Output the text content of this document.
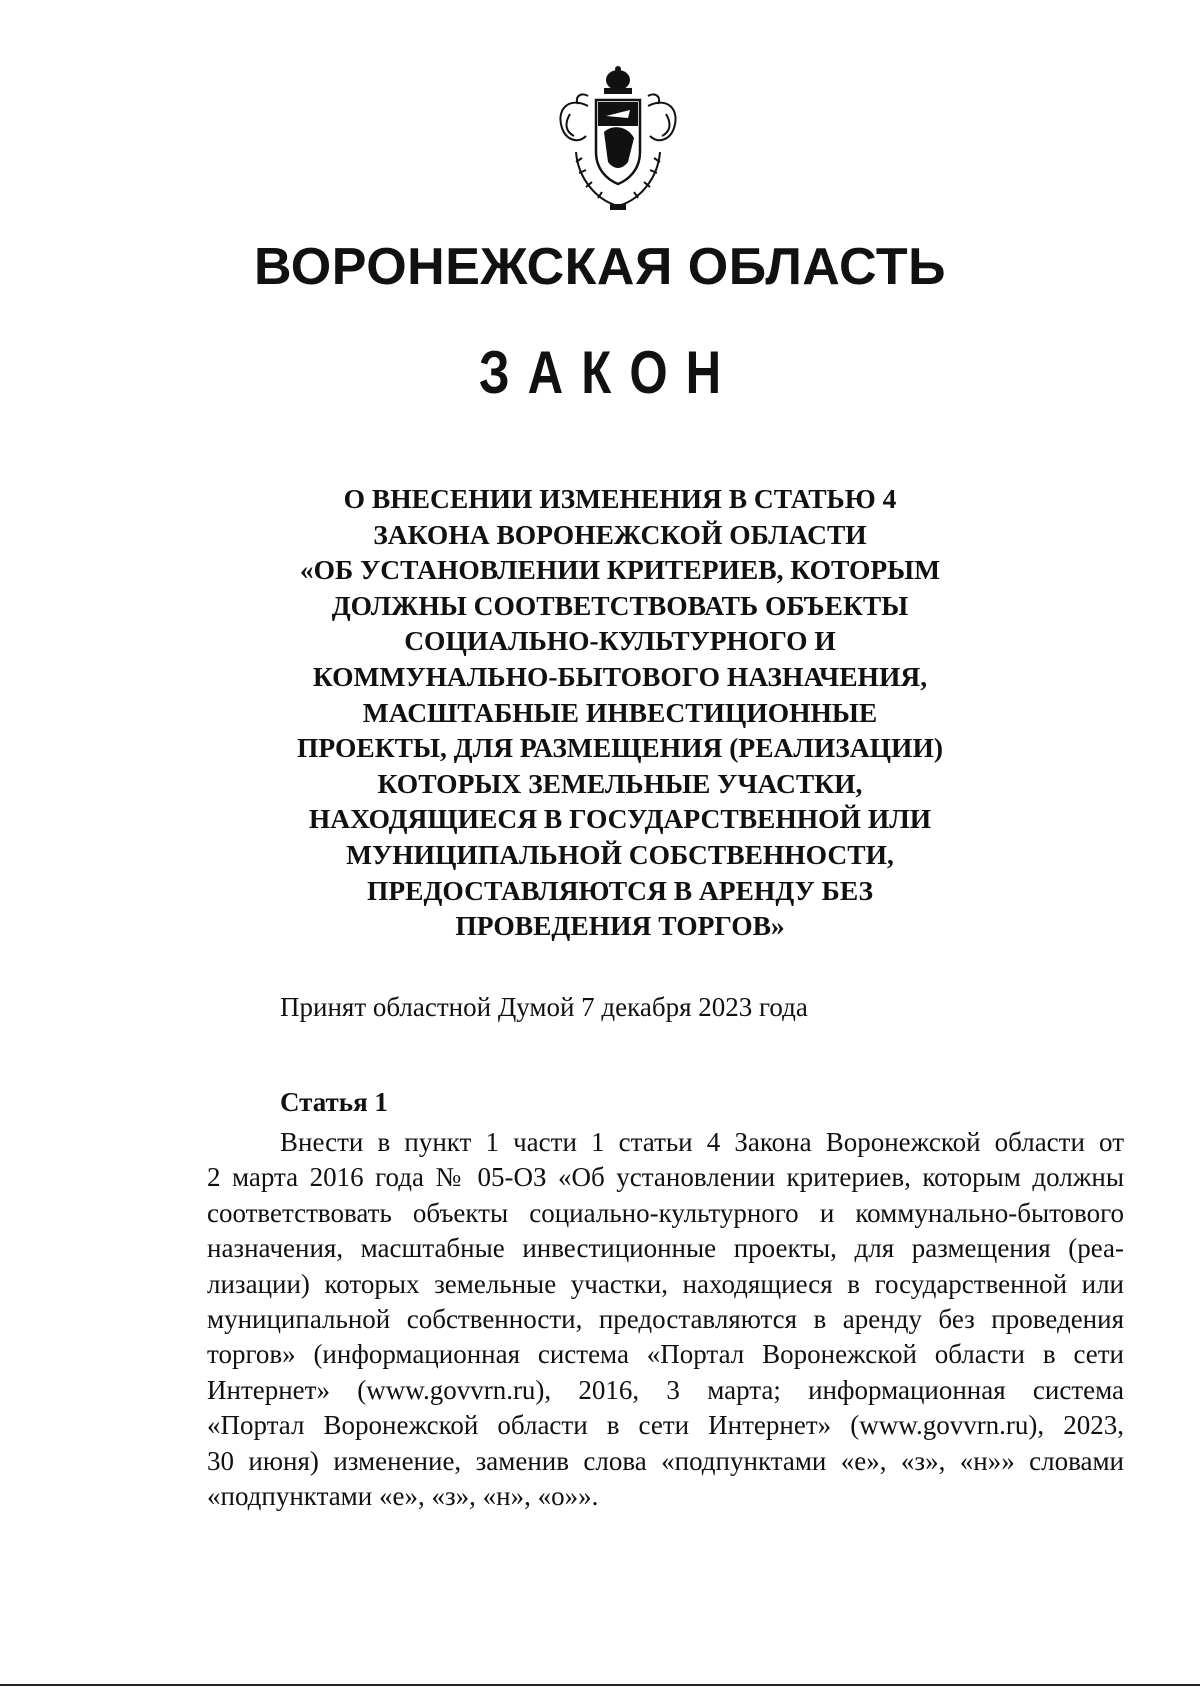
ВОРОНЕЖСКАЯ ОБЛАСТЬ
ЗАКОН
О ВНЕСЕНИИ ИЗМЕНЕНИЯ В СТАТЬЮ 4
ЗАКОНА ВОРОНЕЖСКОЙ ОБЛАСТИ
«ОБ УСТАНОВЛЕНИИ КРИТЕРИЕВ, КОТОРЫМ
ДОЛЖНЫ СООТВЕТСТВОВАТЬ ОБЪЕКТЫ
СОЦИАЛЬНО-КУЛЬТУРНОГО И
КОММУНАЛЬНО-БЫТОВОГО НАЗНАЧЕНИЯ,
МАСШТАБНЫЕ ИНВЕСТИЦИОННЫЕ
ПРОЕКТЫ, ДЛЯ РАЗМЕЩЕНИЯ (РЕАЛИЗАЦИИ)
КОТОРЫХ ЗЕМЕЛЬНЫЕ УЧАСТКИ,
НАХОДЯЩИЕСЯ В ГОСУДАРСТВЕННОЙ ИЛИ
МУНИЦИПАЛЬНОЙ СОБСТВЕННОСТИ,
ПРЕДОСТАВЛЯЮТСЯ В АРЕНДУ БЕЗ
ПРОВЕДЕНИЯ ТОРГОВ»
Принят областной Думой 7 декабря 2023 года
Статья 1
Внести в пункт 1 части 1 статьи 4 Закона Воронежской области от
2 марта 2016 года № 05-ОЗ «Об установлении критериев, которым должны
соответствовать объекты социально-культурного и коммунально-бытового
назначения, масштабные инвестиционные проекты, для размещения (реа-
лизации) которых земельные участки, находящиеся в государственной или
муниципальной собственности, предоставляются в аренду без проведения
торгов» (информационная система «Портал Воронежской области в сети
Интернет» (www.govvrn.ru), 2016, 3 марта; информационная система
«Портал Воронежской области в сети Интернет» (www.govvrn.ru), 2023,
30 июня) изменение, заменив слова «подпунктами «е», «з», «н»» словами
«подпунктами «е», «з», «н», «о»».
